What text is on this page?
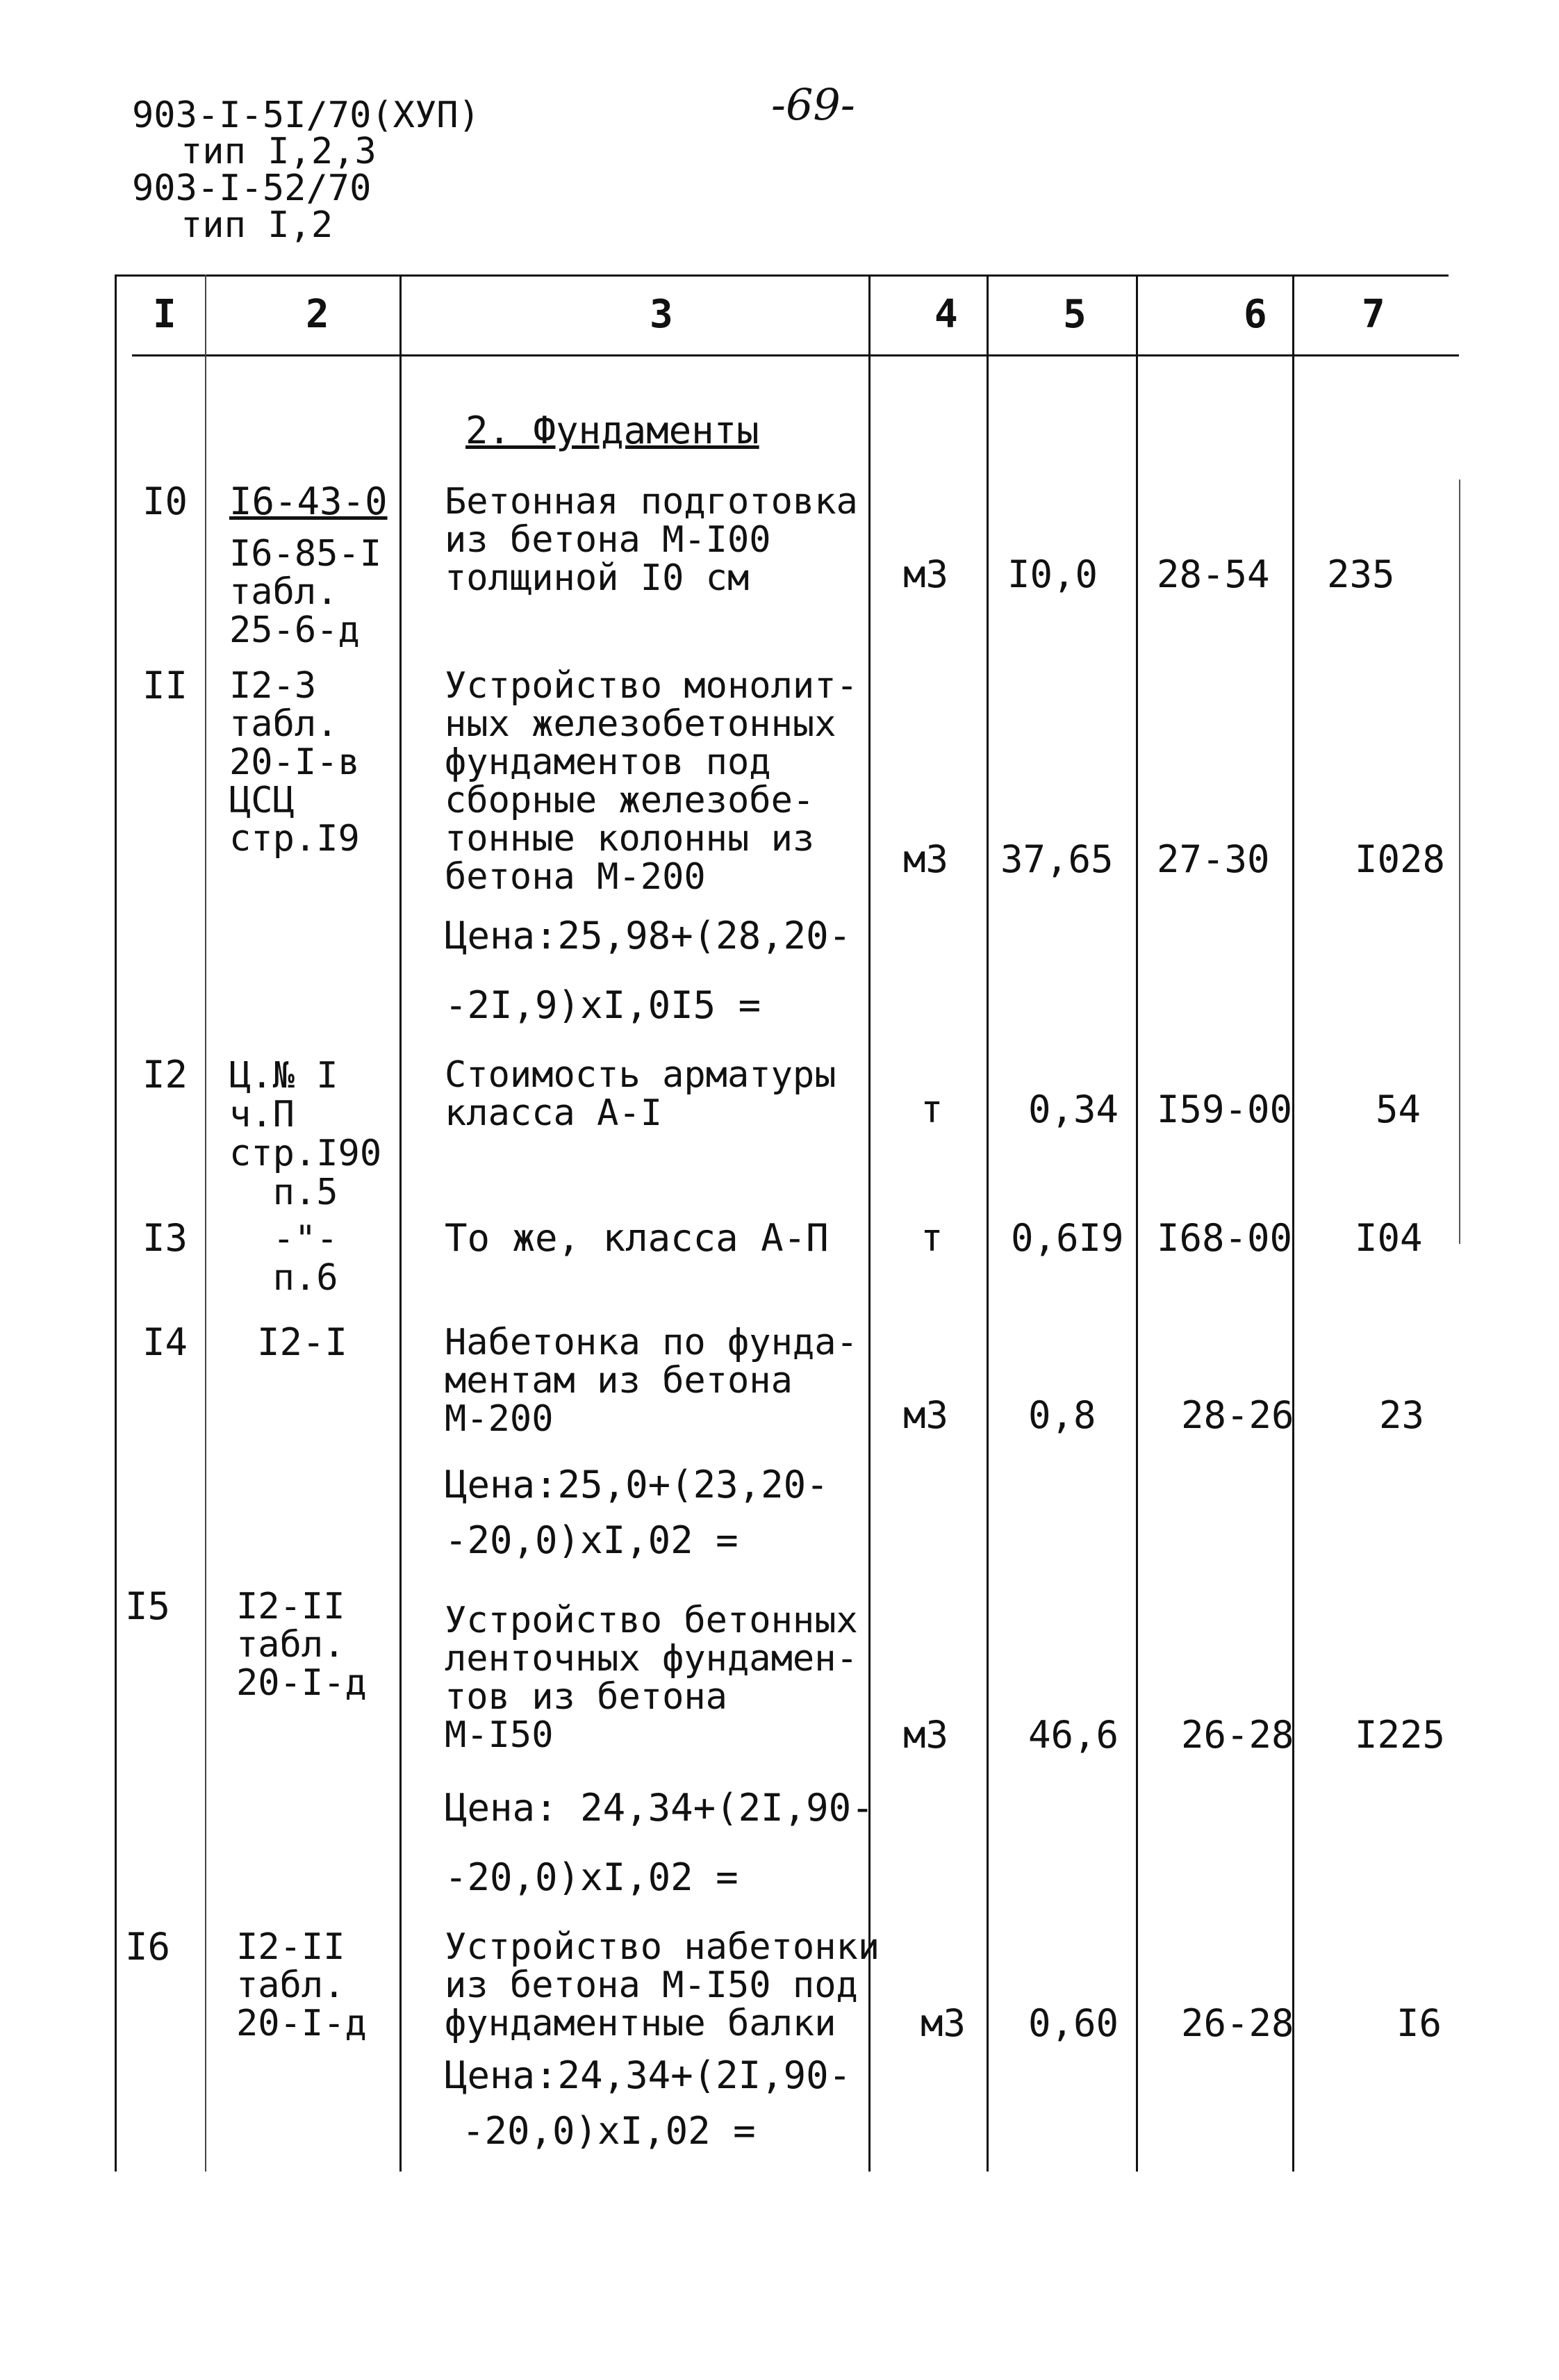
903-I-5I/70(XУП)
тип I,2,3
903-I-52/70
тип I,2
-69-
I	2	3	4	5	6 7
2. Фундаменты
I0 I6-43-0
I6-85-I
табл.
25-6-д
Бетонная подготовка
из бетона М-I00
толщиной I0 см	м3 I0,0 28-54 235
II I2-3
табл.
20-I-в
ЦСЦ
стр.I9
Устройство монолит-
ных железобетонных
фундаментов под
сборные железобе-
тонные колонны из
бетона М-200	м3 37,65 27-30 I028
Цена:25,98+(28,20-
-2I,9)xI,0I5 =
I2 Ц.№ I
ч.П
стр.I90
п.5
Стоимость арматуры
класса А-I	т 0,34 I59-00 54
I3	-"-
п.6
То же, класса А-П т 0,6I9 I68-00 I04
I4 I2-I	Набетонка по фунда-
ментам из бетона
М-200	м3 0,8 28-26 23
Цена:25,0+(23,20-
-20,0)xI,02 =
I5 I2-II
табл.
20-I-д
Устройство бетонных
ленточных фундамен-
тов из бетона
М-I50	м3 46,6 26-28 I225
Цена: 24,34+(2I,90-
-20,0)xI,02 =
I6 I2-II
табл.
20-I-д
Устройство набетонки
из бетона М-I50 под
фундаментные балки	м3 0,60 26-28	I6
Цена:24,34+(2I,90-
-20,0)xI,02 =
